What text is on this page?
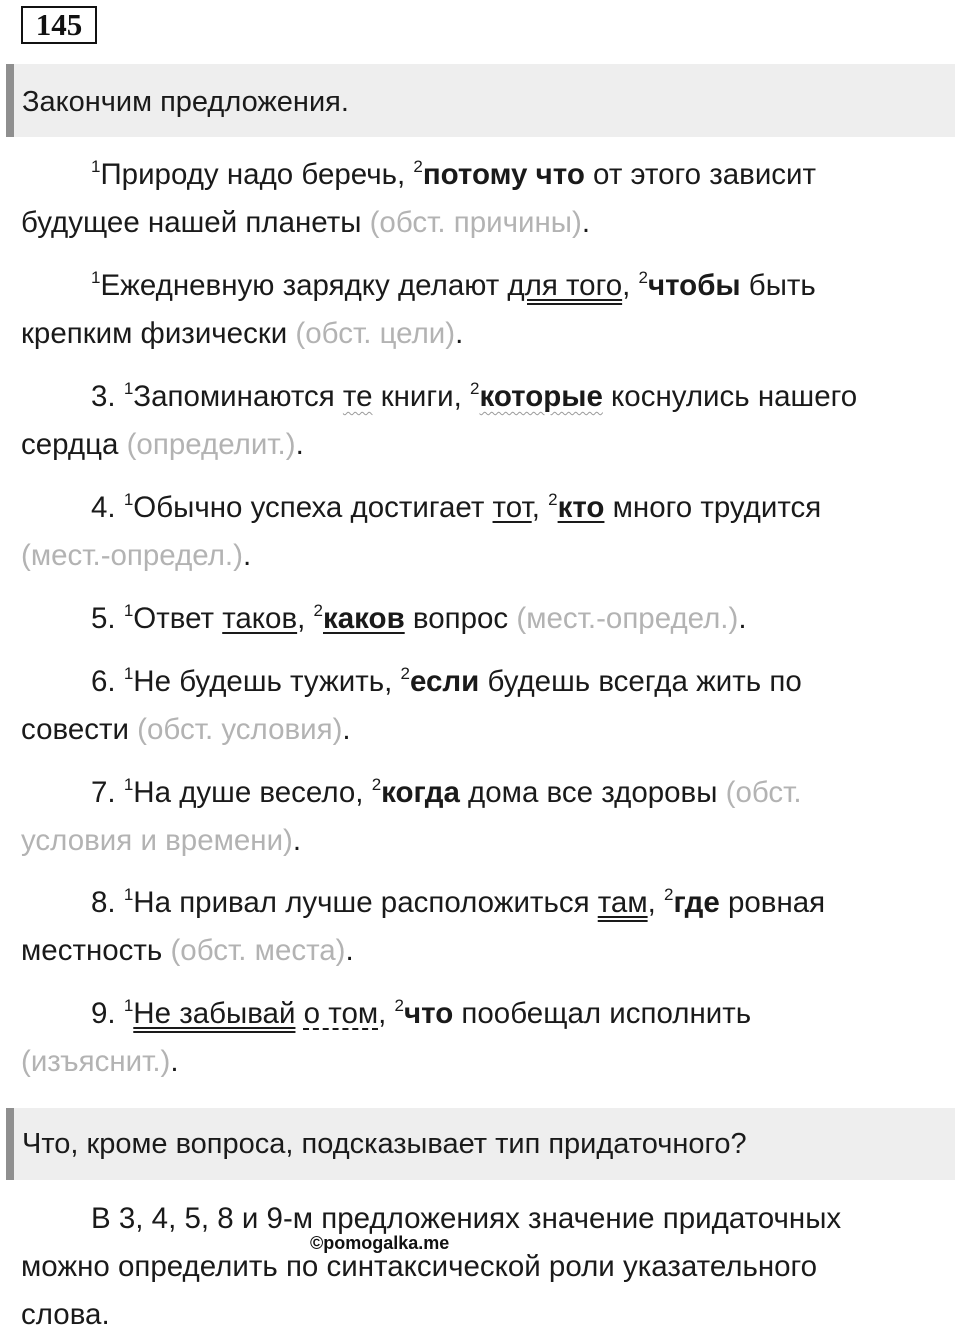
145
Закончим предложения.
$^1$Природу надо беречь, $^2$потому что от этого зависит
будущее нашей планеты (обст. причины).
$^1$Ежедневную зарядку делают для того, $^2$чтобы быть
крепким физически (обст. цели).
3. $^1$Запоминаются те книги, $^2$которые коснулись нашего
сердца (определит.).
4. $^1$Обычно успеха достигает тот, $^2$кто много трудится
(мест.-определ.).
5. $^1$Ответ таков, $^2$каков вопрос (мест.-определ.).
6. $^1$Не будешь тужить, $^2$если будешь всегда жить по
совести (обст. условия).
7. $^1$На душе весело, $^2$когда дома все здоровы (обст.
условия и времени).
8. $^1$На привал лучше расположиться там, $^2$где ровная
местность (обст. места).
9. $^1$Не забывай о том, $^2$что пообещал исполнить
(изъяснит.).
Что, кроме вопроса, подсказывает тип придаточного?
В 3, 4, 5, 8 и 9-м предложениях значение придаточных
можно определить по синтаксической роли указательного
слова.
©pomogalka.me
